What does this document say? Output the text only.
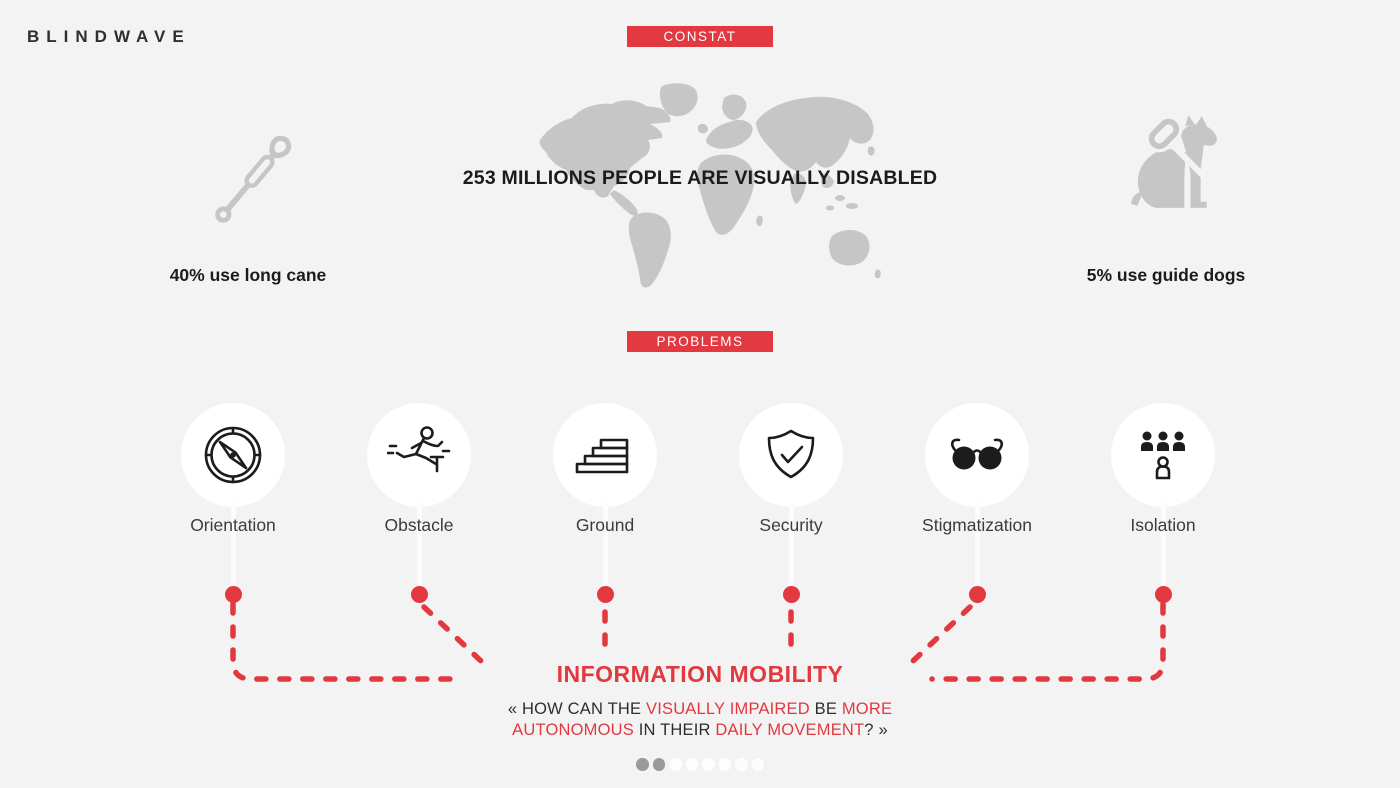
BLINDWAVE	CONSTAT
253 MILLIONS PEOPLE ARE VISUALLY DISABLED
40% use long cane	5% use guide dogs
PROBLEMS
Orientation	Obstacle	Ground	Security	Stigmatization	Isolation
INFORMATION MOBILITY
« HOW CAN THE VISUALLY IMPAIRED BE MORE
AUTONOMOUS IN THEIR DAILY MOVEMENT? »
